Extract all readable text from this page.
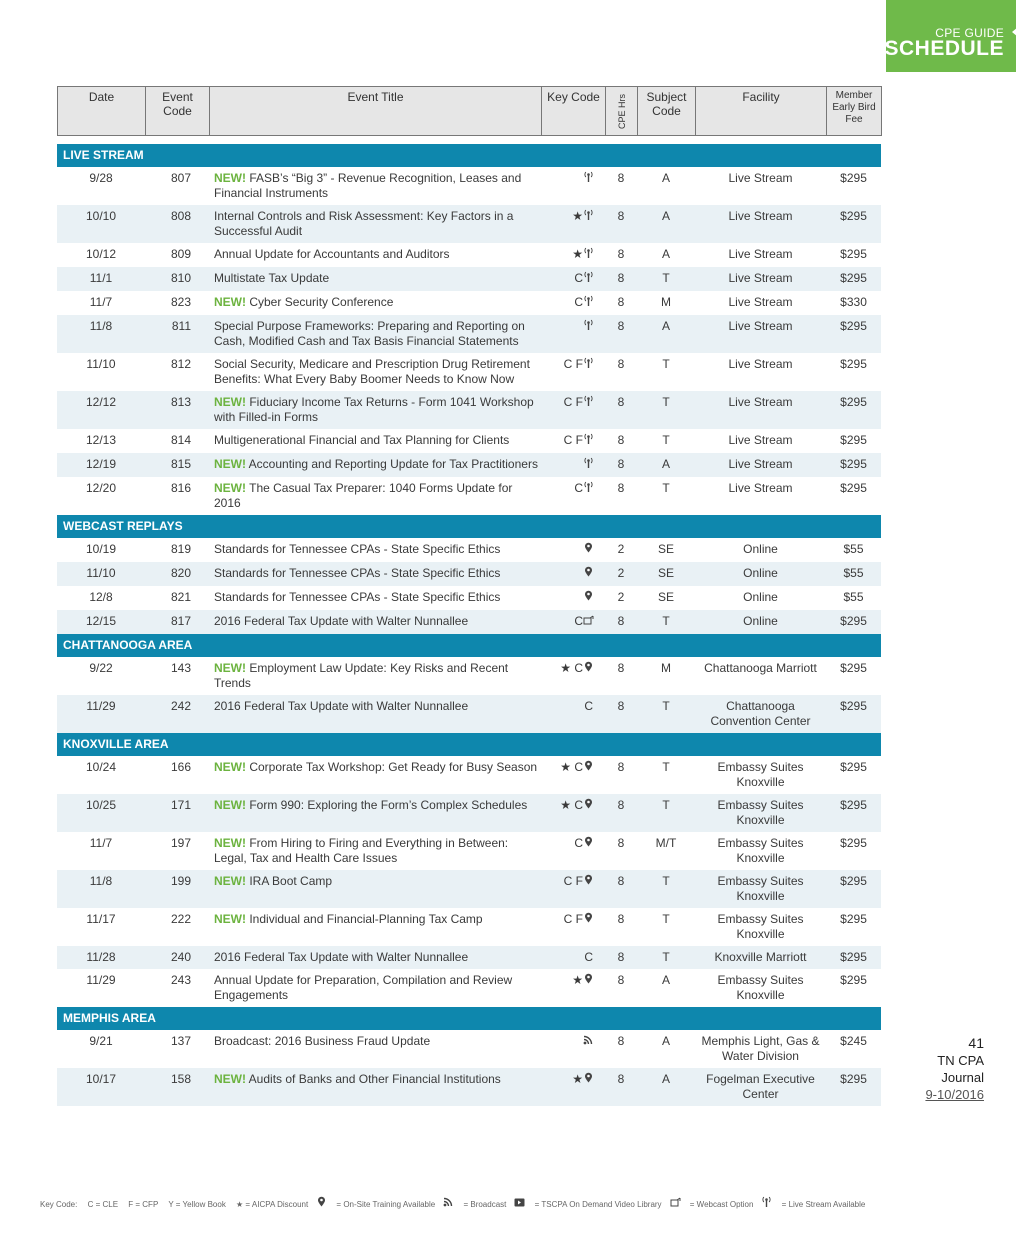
CPE GUIDE
SCHEDULE
Date	Event Code	Event Title	Key Code	CPE Hrs	Subject Code	Facility	Member Early Bird Fee
LIVE STREAM							
9/28	807	NEW! FASB’s “Big 3” - Revenue Recognition, Leases and Financial Instruments		8	A	Live Stream	$295
10/10	808	Internal Controls and Risk Assessment: Key Factors in a Successful Audit	★	8	A	Live Stream	$295
10/12	809	Annual Update for Accountants and Auditors	★	8	A	Live Stream	$295
11/1	810	Multistate Tax Update	C	8	T	Live Stream	$295
11/7	823	NEW! Cyber Security Conference	C	8	M	Live Stream	$330
11/8	811	Special Purpose Frameworks: Preparing and Reporting on Cash, Modified Cash and Tax Basis Financial Statements		8	A	Live Stream	$295
11/10	812	Social Security, Medicare and Prescription Drug Retirement Benefits: What Every Baby Boomer Needs to Know Now	C F	8	T	Live Stream	$295
12/12	813	NEW! Fiduciary Income Tax Returns - Form 1041 Workshop with Filled-in Forms	C F	8	T	Live Stream	$295
12/13	814	Multigenerational Financial and Tax Planning for Clients	C F	8	T	Live Stream	$295
12/19	815	NEW! Accounting and Reporting Update for Tax Practitioners		8	A	Live Stream	$295
12/20	816	NEW! The Casual Tax Preparer: 1040 Forms Update for 2016	C	8	T	Live Stream	$295
WEBCAST REPLAYS							
10/19	819	Standards for Tennessee CPAs - State Specific Ethics		2	SE	Online	$55
11/10	820	Standards for Tennessee CPAs - State Specific Ethics		2	SE	Online	$55
12/8	821	Standards for Tennessee CPAs - State Specific Ethics		2	SE	Online	$55
12/15	817	2016 Federal Tax Update with Walter Nunnallee	C	8	T	Online	$295
CHATTANOOGA AREA							
9/22	143	NEW! Employment Law Update: Key Risks and Recent Trends	★ C	8	M	Chattanooga Marriott	$295
11/29	242	2016 Federal Tax Update with Walter Nunnallee	C	8	T	Chattanooga Convention Center	$295
KNOXVILLE AREA							
10/24	166	NEW! Corporate Tax Workshop: Get Ready for Busy Season	★ C	8	T	Embassy Suites Knoxville	$295
10/25	171	NEW! Form 990: Exploring the Form’s Complex Schedules	★ C	8	T	Embassy Suites Knoxville	$295
11/7	197	NEW! From Hiring to Firing and Everything in Between: Legal, Tax and Health Care Issues	C	8	M/T	Embassy Suites Knoxville	$295
11/8	199	NEW! IRA Boot Camp	C F	8	T	Embassy Suites Knoxville	$295
11/17	222	NEW! Individual and Financial-Planning Tax Camp	C F	8	T	Embassy Suites Knoxville	$295
11/28	240	2016 Federal Tax Update with Walter Nunnallee	C	8	T	Knoxville Marriott	$295
11/29	243	Annual Update for Preparation, Compilation and Review Engagements	★	8	A	Embassy Suites Knoxville	$295
MEMPHIS AREA							
9/21	137	Broadcast: 2016 Business Fraud Update		8	A	Memphis Light, Gas & Water Division	$245
10/17	158	NEW! Audits of Banks and Other Financial Institutions	★	8	A	Fogelman Executive Center	$295
41
TN CPA
Journal
9-10/2016
Key Code: C = CLE F = CFP Y = Yellow Book ★ = AICPA Discount	= On-Site Training Available	= Broadcast	= TSCPA On Demand Video Library	= Webcast Option	= Live Stream Available
